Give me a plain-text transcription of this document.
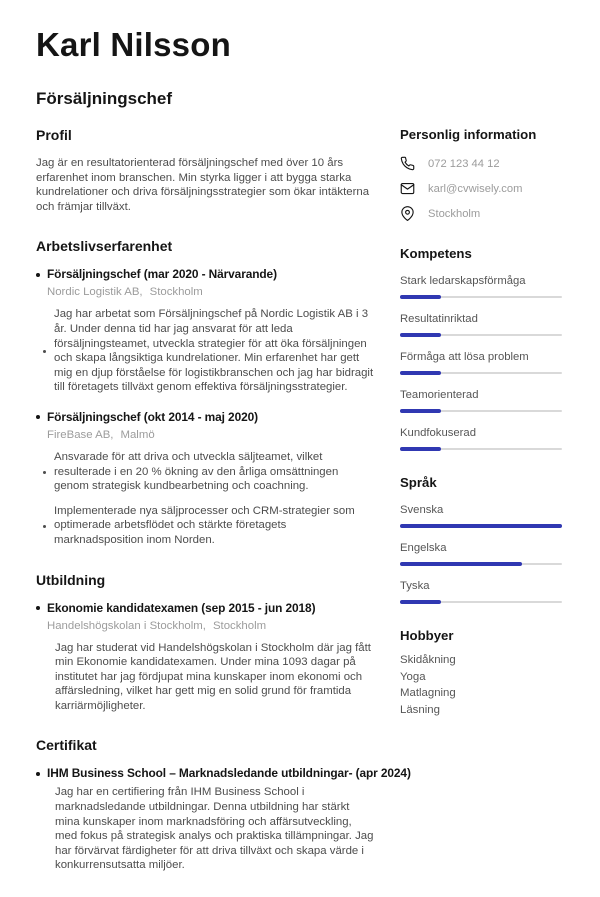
Karl Nilsson
Försäljningschef
Profil
Jag är en resultatorienterad försäljningschef med över 10 års erfarenhet inom branschen. Min styrka ligger i att bygga starka kundrelationer och driva försäljningsstrategier som ökar intäkterna och främjar tillväxt.
Arbetslivserfarenhet
Försäljningschef (mar 2020 - Närvarande)
Nordic Logistik AB, Stockholm
Jag har arbetat som Försäljningschef på Nordic Logistik AB i 3 år. Under denna tid har jag ansvarat för att leda försäljningsteamet, utveckla strategier för att öka försäljningen och skapa långsiktiga kundrelationer. Min erfarenhet har gett mig en djup förståelse för logistikbranschen och jag har bidragit till företagets tillväxt genom effektiva försäljningsstrategier.
Försäljningschef (okt 2014 - maj 2020)
FireBase AB, Malmö
Ansvarade för att driva och utveckla säljteamet, vilket resulterade i en 20 % ökning av den årliga omsättningen genom strategisk kundbearbetning och coachning.
Implementerade nya säljprocesser och CRM-strategier som optimerade arbetsflödet och stärkte företagets marknadsposition inom Norden.
Utbildning
Ekonomie kandidatexamen (sep 2015 - jun 2018)
Handelshögskolan i Stockholm, Stockholm
Jag har studerat vid Handelshögskolan i Stockholm där jag fått min Ekonomie kandidatexamen. Under mina 1093 dagar på institutet har jag fördjupat mina kunskaper inom ekonomi och affärsledning, vilket har gett mig en solid grund för framtida karriärmöjligheter.
Certifikat
IHM Business School – Marknadsledande utbildningar- (apr 2024)
Jag har en certifiering från IHM Business School i marknadsledande utbildningar. Denna utbildning har stärkt mina kunskaper inom marknadsföring och affärsutveckling, med fokus på strategisk analys och praktiska tillämpningar. Jag har förvärvat färdigheter för att driva tillväxt och skapa värde i konkurrensutsatta miljöer.
Personlig information
072 123 44 12
karl@cvwisely.com
Stockholm
Kompetens
Stark ledarskapsförmåga
Resultatinriktad
Förmåga att lösa problem
Teamorienterad
Kundfokuserad
Språk
Svenska
Engelska
Tyska
Hobbyer
Skidåkning
Yoga
Matlagning
Läsning
